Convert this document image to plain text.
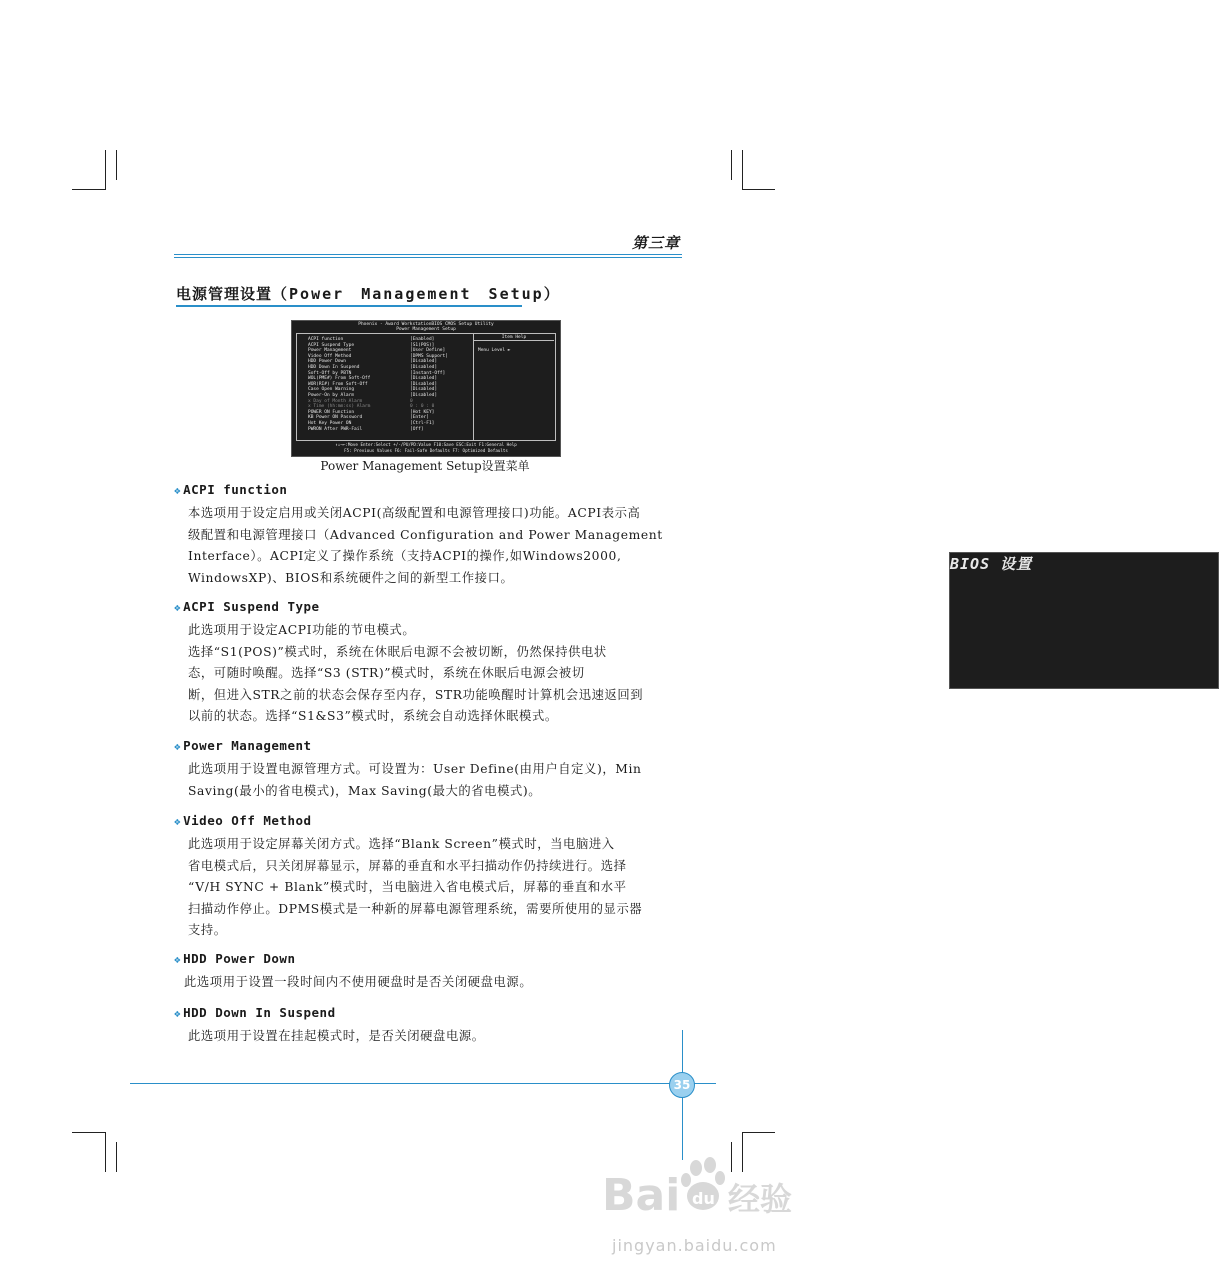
第三章
BIOS 设置
电源管理设置（Power Management Setup）
Phoenix - Award WorkstationBIOS CMOS Setup Utility
Power Management Setup
Item Help
Menu Level ►
ACPI function	[Enabled]
ACPI Suspend Type	[S1(POS)]
Power Management	[User Define]
Video Off Method	[DPMS Support]
HDD Power Down	[Disabled]
HDD Down In Suspend	[Disabled]
Soft-Off by PBTN	[Instant-Off]
WOL(PME#) From Soft-Off	[Disabled]
WOR(RI#) From Soft-Off	[Disabled]
Case Open Warning	[Disabled]
Power-On by Alarm	[Disabled]
x Day of Month Alarm	0
x Time (hh:mm:ss) Alarm	0 : 0 : 0
POWER ON Function	[Hot KEY]
KB Power ON Password	[Enter]
Hot Key Power ON	[Ctrl-F1]
PWRON After PWR-Fail	[Off]
↑↓→←:Move Enter:Select +/-/PU/PD:Value F10:Save ESC:Exit F1:General Help
F5: Previous Values F6: Fail-Safe Defaults F7: Optimized Defaults
Power Management Setup设置菜单
❖ ACPI function
本选项用于设定启用或关闭ACPI(高级配置和电源管理接口)功能。ACPI表示高
级配置和电源管理接口（Advanced Configuration and Power Management
Interface）。ACPI定义了操作系统（支持ACPI的操作,如Windows2000,
WindowsXP)、BIOS和系统硬件之间的新型工作接口。
❖ ACPI Suspend Type
此选项用于设定ACPI功能的节电模式。
选择“S1(POS)”模式时，系统在休眠后电源不会被切断，仍然保持供电状
态，可随时唤醒。选择“S3 (STR)”模式时，系统在休眠后电源会被切
断，但进入STR之前的状态会保存至内存，STR功能唤醒时计算机会迅速返回到
以前的状态。选择“S1&S3”模式时，系统会自动选择休眠模式。
❖ Power Management
此选项用于设置电源管理方式。可设置为：User Define(由用户自定义)，Min
Saving(最小的省电模式)，Max Saving(最大的省电模式)。
❖ Video Off Method
此选项用于设定屏幕关闭方式。选择“Blank Screen”模式时，当电脑进入
省电模式后，只关闭屏幕显示，屏幕的垂直和水平扫描动作仍持续进行。选择
“V/H SYNC + Blank”模式时，当电脑进入省电模式后，屏幕的垂直和水平
扫描动作停止。DPMS模式是一种新的屏幕电源管理系统，需要所使用的显示器
支持。
❖ HDD Power Down
此选项用于设置一段时间内不使用硬盘时是否关闭硬盘电源。
❖ HDD Down In Suspend
此选项用于设置在挂起模式时，是否关闭硬盘电源。
35
Bai du 经验
jingyan.baidu.com
